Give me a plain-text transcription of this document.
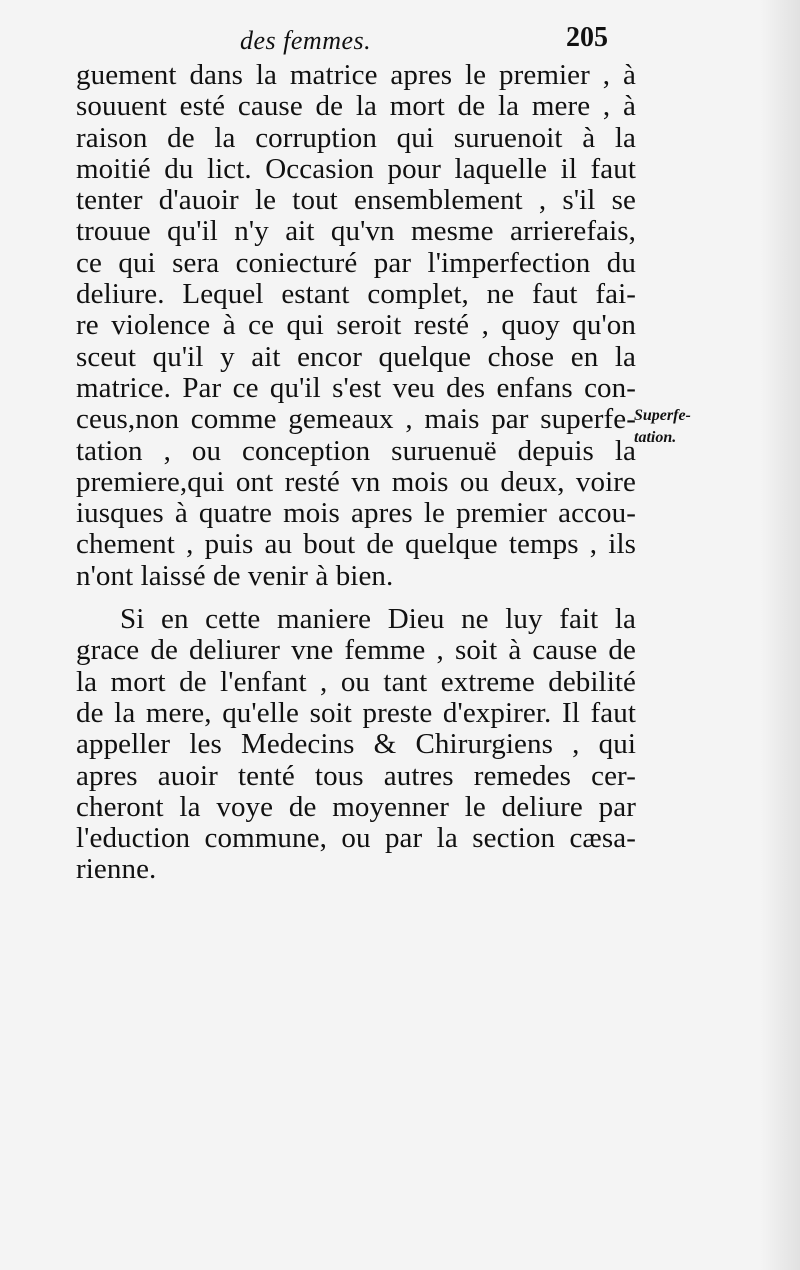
des femmes.	205
Superfe-
tation.
guement dans la matrice apres le premier , à
souuent esté cause de la mort de la mere , à
raison de la corruption qui suruenoit à la
moitié du lict. Occasion pour laquelle il faut
tenter d'auoir le tout ensemblement , s'il se
trouue qu'il n'y ait qu'vn mesme arrierefais,
ce qui sera coniecturé par l'imperfection du
deliure. Lequel estant complet, ne faut fai-
re violence à ce qui seroit resté , quoy qu'on
sceut qu'il y ait encor quelque chose en la
matrice. Par ce qu'il s'est veu des enfans con-
ceus,non comme gemeaux , mais par superfe-
tation , ou conception suruenuë depuis la
premiere,qui ont resté vn mois ou deux, voire
iusques à quatre mois apres le premier accou-
chement , puis au bout de quelque temps , ils
n'ont laissé de venir à bien.
Si en cette maniere Dieu ne luy fait la
grace de deliurer vne femme , soit à cause de
la mort de l'enfant , ou tant extreme debilité
de la mere, qu'elle soit preste d'expirer. Il faut
appeller les Medecins & Chirurgiens , qui
apres auoir tenté tous autres remedes cer-
cheront la voye de moyenner le deliure par
l'eduction commune, ou par la section cæsa-
rienne.
